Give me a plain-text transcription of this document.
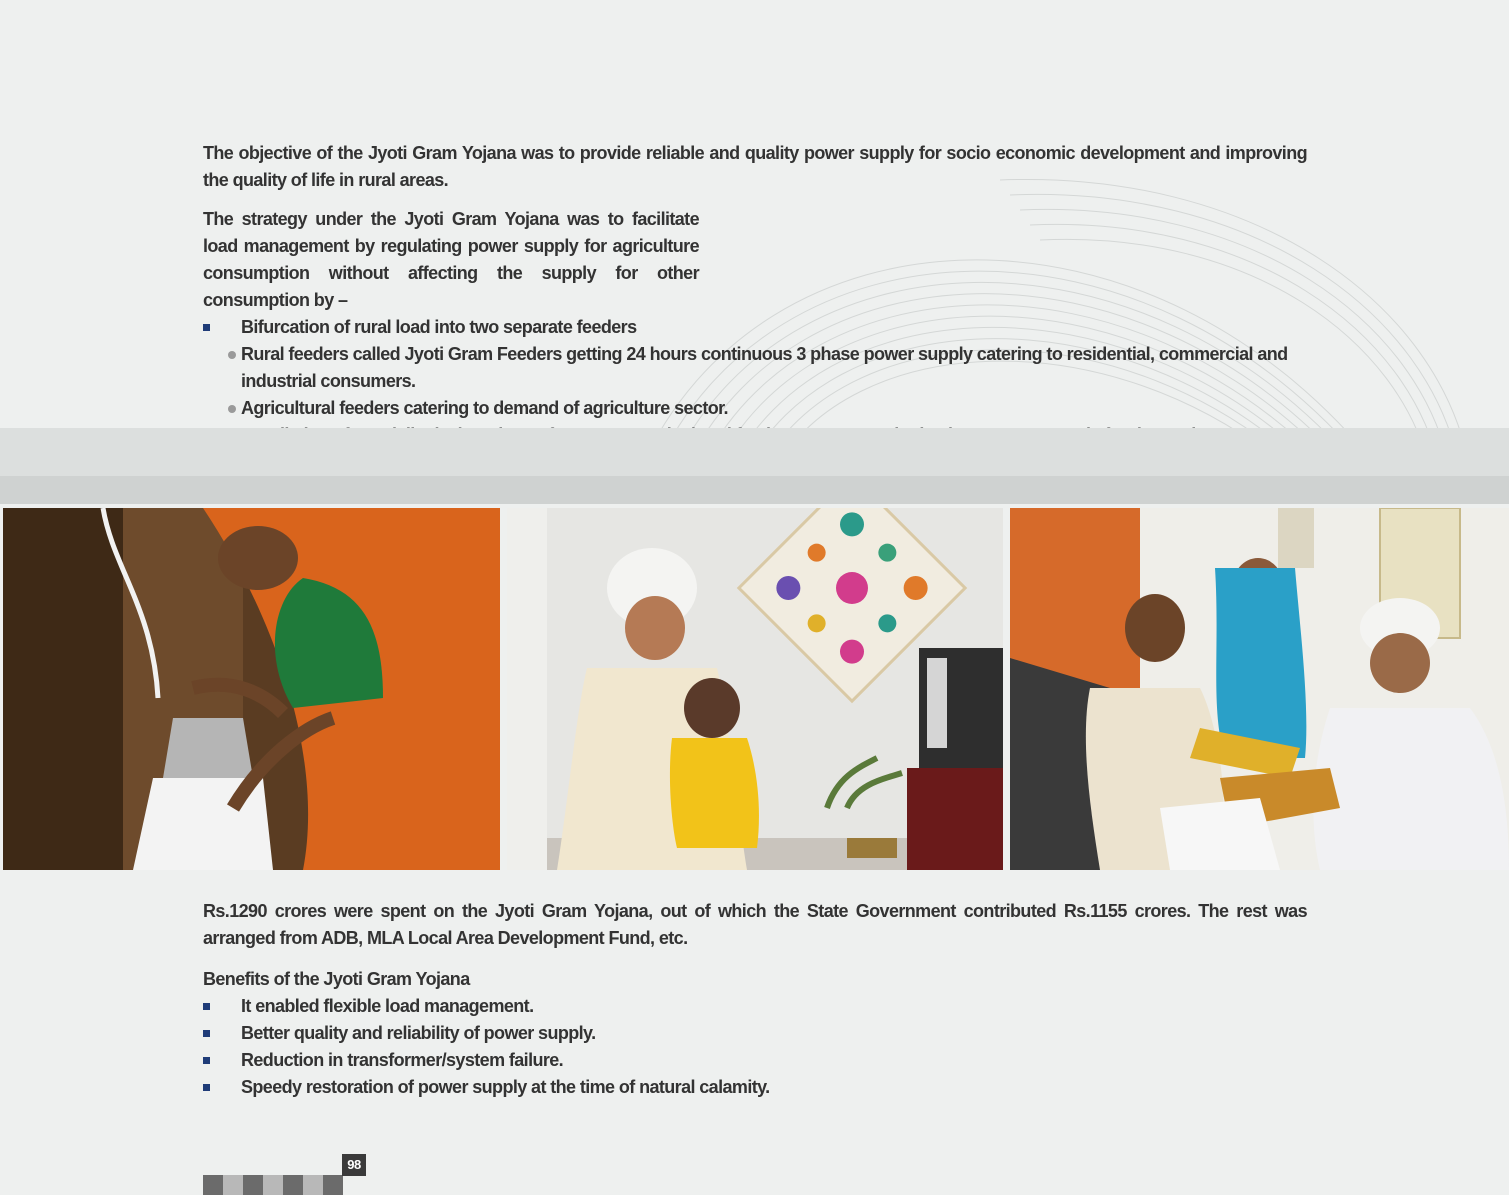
The objective of the Jyoti Gram Yojana was to provide reliable and quality power supply for socio economic development and improving the quality of life in rural areas.

The strategy under the Jyoti Gram Yojana was to facilitate load management by regulating power supply for agriculture consumption without affecting the supply for other consumption by –

Bifurcation of rural load into two separate feeders
Rural feeders called Jyoti Gram Feeders getting 24 hours continuous 3 phase power supply catering to residential, commercial and industrial consumers.
Agricultural feeders catering to demand of agriculture sector.

Rs.1290 crores were spent on the Jyoti Gram Yojana, out of which the State Government contributed Rs.1155 crores. The rest was arranged from ADB, MLA Local Area Development Fund, etc.

Benefits of the Jyoti Gram Yojana
It enabled flexible load management.
Better quality and reliability of power supply.
Reduction in transformer/system failure.
Speedy restoration of power supply at the time of natural calamity.
98
